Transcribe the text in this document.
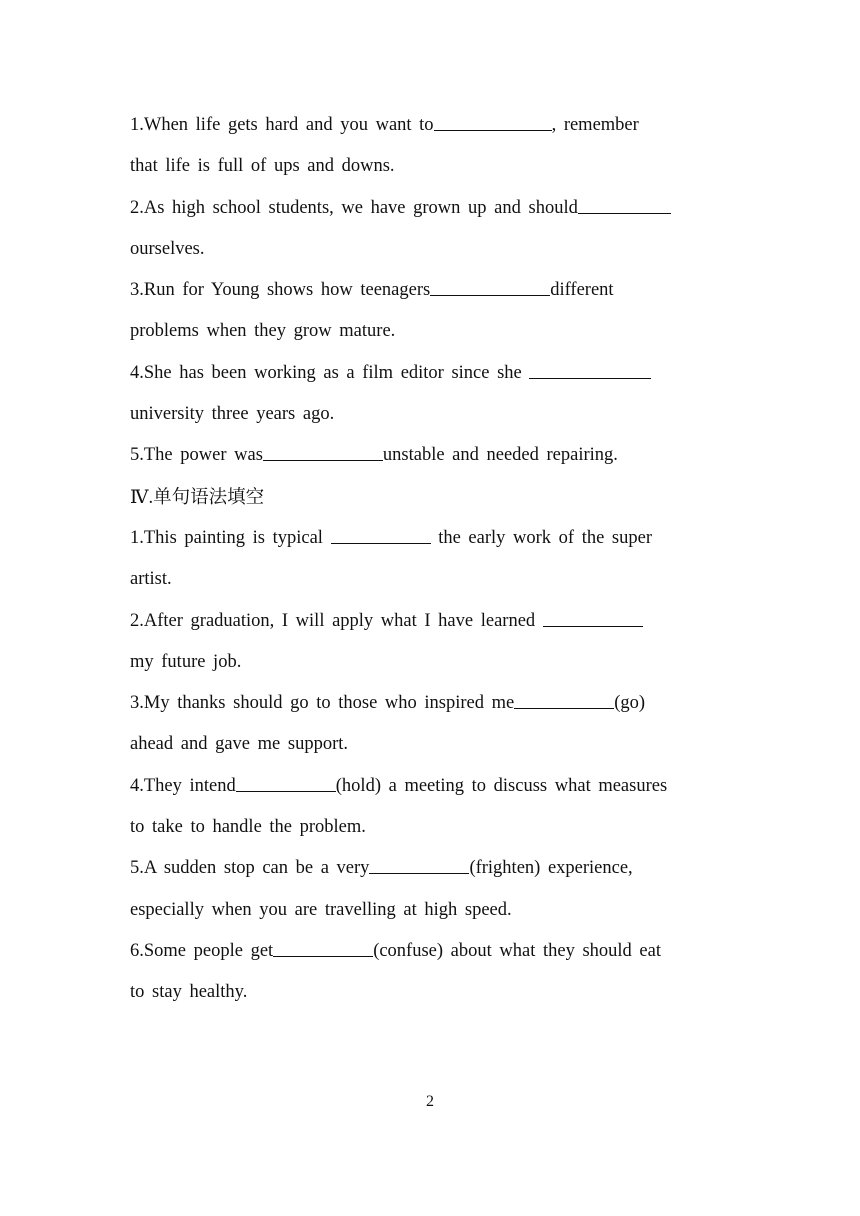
1.When life gets hard and you want to	, remember
that life is full of ups and downs.
2.As high school students, we have grown up and should
ourselves.
3.Run for Young shows how teenagers	different
problems when they grow mature.
4.She has been working as a film editor since she
university three years ago.
5.The power was	unstable and needed repairing.
Ⅳ.单句语法填空
1.This painting is typical	the early work of the super
artist.
2.After graduation, I will apply what I have learned
my future job.
3.My thanks should go to those who inspired me	(go)
ahead and gave me support.
4.They intend	(hold) a meeting to discuss what measures
to take to handle the problem.
5.A sudden stop can be a very	(frighten) experience,
especially when you are travelling at high speed.
6.Some people get	(confuse) about what they should eat
to stay healthy.
2
